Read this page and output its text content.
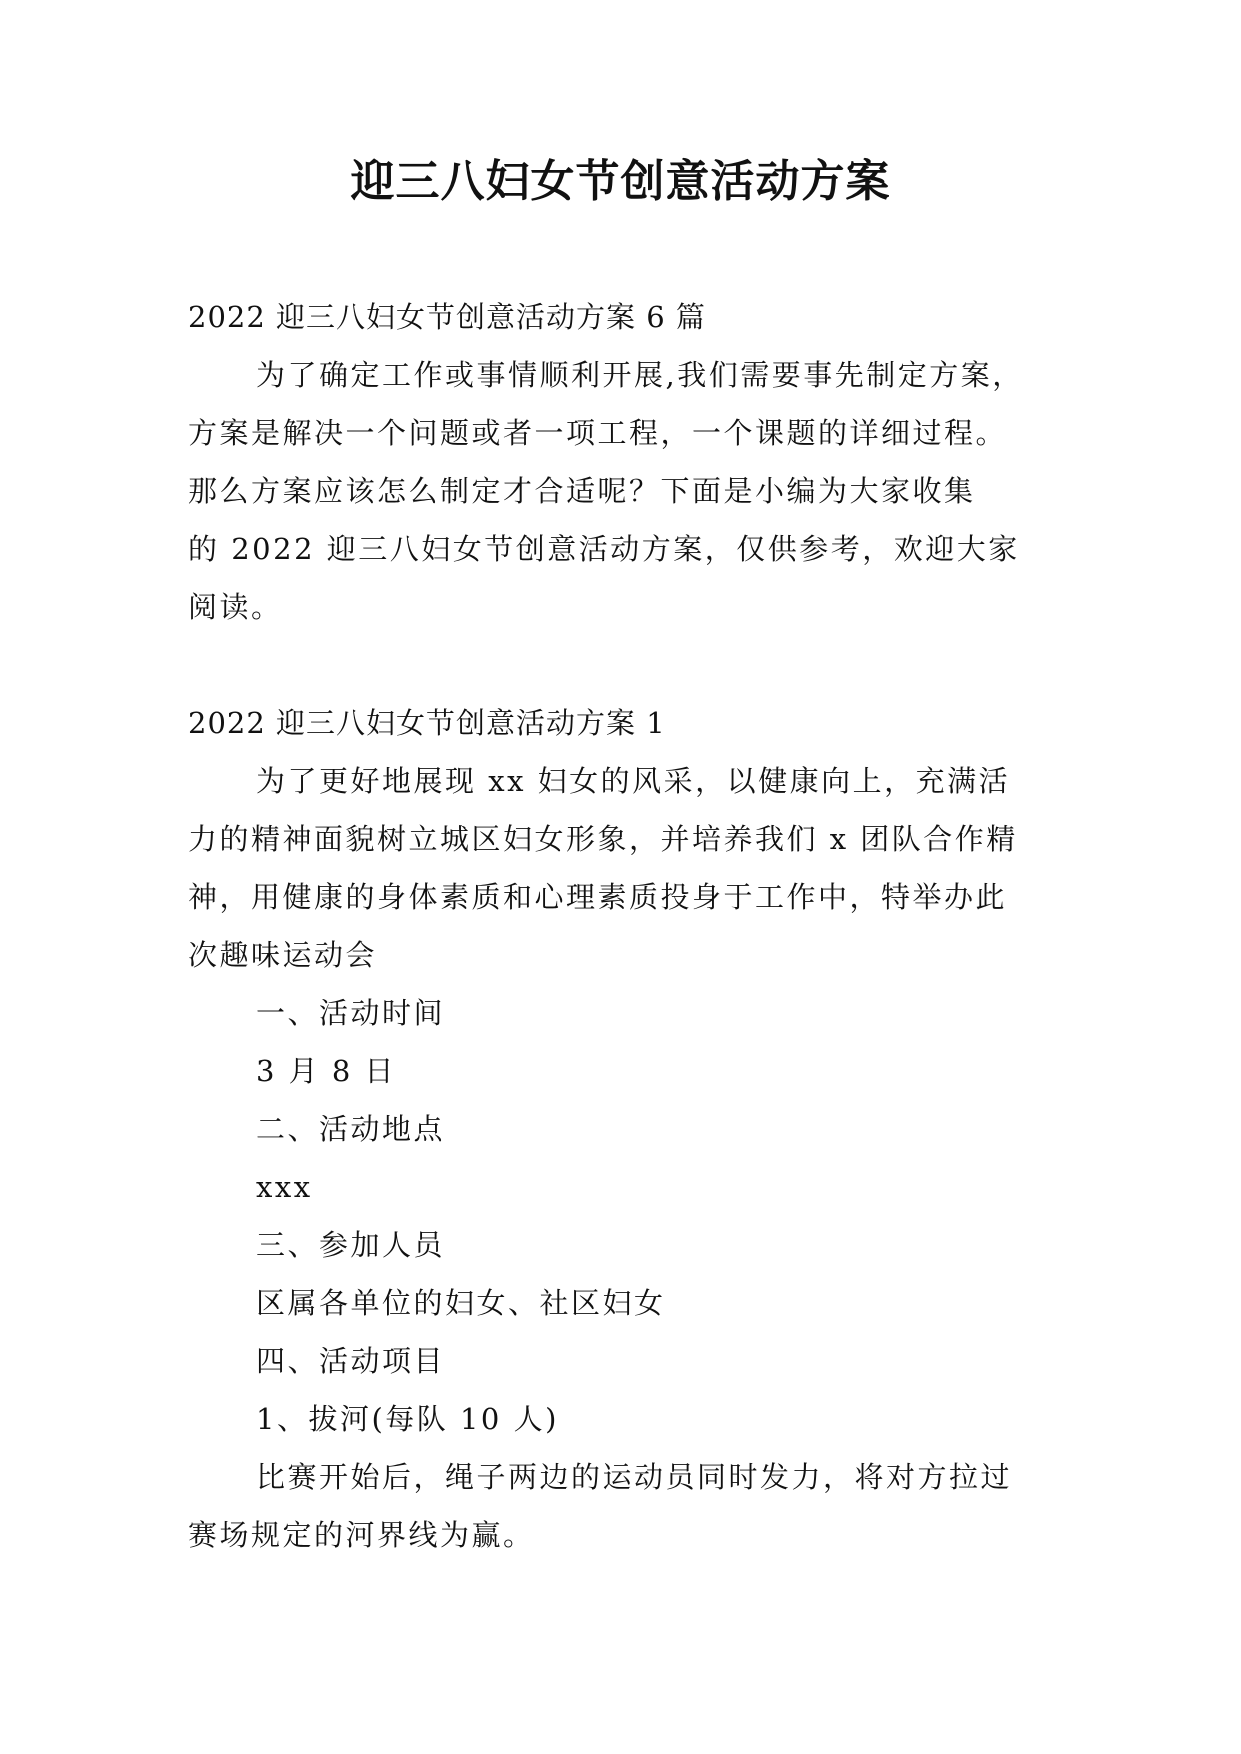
迎三八妇女节创意活动方案

2022 迎三八妇女节创意活动方案 6 篇

为了确定工作或事情顺利开展,我们需要事先制定方案，

方案是解决一个问题或者一项工程，一个课题的详细过程。

那么方案应该怎么制定才合适呢？下面是小编为大家收集

的 2022 迎三八妇女节创意活动方案，仅供参考，欢迎大家

阅读。

2022 迎三八妇女节创意活动方案 1

为了更好地展现 xx 妇女的风采，以健康向上，充满活

力的精神面貌树立城区妇女形象，并培养我们 x 团队合作精

神，用健康的身体素质和心理素质投身于工作中，特举办此

次趣味运动会

一、活动时间

3 月 8 日

二、活动地点

xxx

三、参加人员

区属各单位的妇女、社区妇女

四、活动项目

1、拔河(每队 10 人)

比赛开始后，绳子两边的运动员同时发力，将对方拉过

赛场规定的河界线为赢。
